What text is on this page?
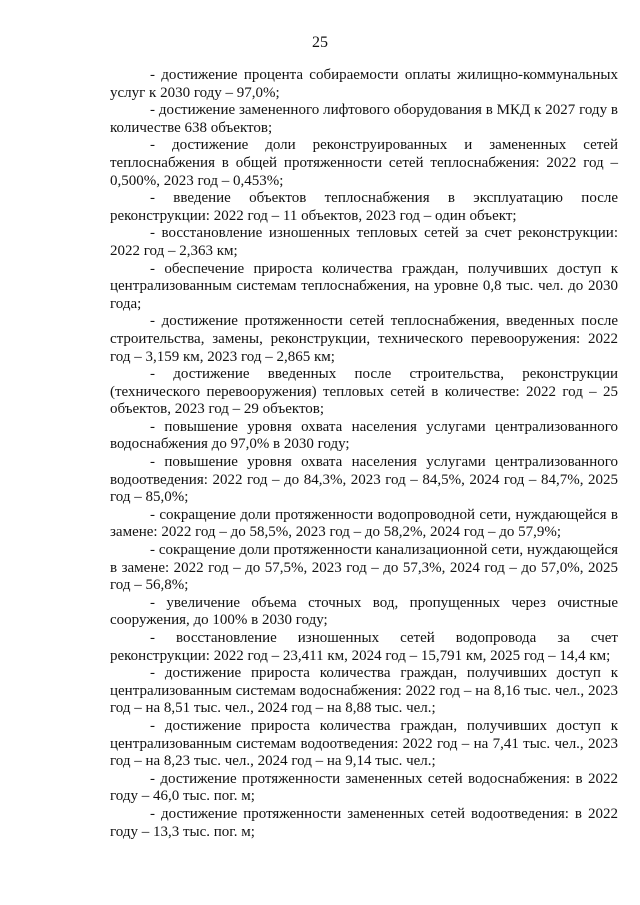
25

- достижение процента собираемости оплаты жилищно-коммунальных услуг к 2030 году – 97,0%;

- достижение замененного лифтового оборудования в МКД к 2027 году в количестве 638 объектов;

- достижение доли реконструированных и замененных сетей теплоснабжения в общей протяженности сетей теплоснабжения: 2022 год – 0,500%, 2023 год – 0,453%;

- введение объектов теплоснабжения в эксплуатацию после реконструкции: 2022 год – 11 объектов, 2023 год – один объект;

- восстановление изношенных тепловых сетей за счет реконструкции: 2022 год – 2,363 км;

- обеспечение прироста количества граждан, получивших доступ к централизованным системам теплоснабжения, на уровне 0,8 тыс. чел. до 2030 года;

- достижение протяженности сетей теплоснабжения, введенных после строительства, замены, реконструкции, технического перевооружения: 2022 год – 3,159 км, 2023 год – 2,865 км;

- достижение введенных после строительства, реконструкции (технического перевооружения) тепловых сетей в количестве: 2022 год – 25 объектов, 2023 год – 29 объектов;

- повышение уровня охвата населения услугами централизованного водоснабжения до 97,0% в 2030 году;

- повышение уровня охвата населения услугами централизованного водоотведения: 2022 год – до 84,3%, 2023 год – 84,5%, 2024 год – 84,7%, 2025 год – 85,0%;

- сокращение доли протяженности водопроводной сети, нуждающейся в замене: 2022 год – до 58,5%, 2023 год – до 58,2%, 2024 год – до 57,9%;

- сокращение доли протяженности канализационной сети, нуждающейся в замене: 2022 год – до 57,5%, 2023 год – до 57,3%, 2024 год – до 57,0%, 2025 год – 56,8%;

- увеличение объема сточных вод, пропущенных через очистные сооружения, до 100% в 2030 году;

- восстановление изношенных сетей водопровода за счет реконструкции: 2022 год – 23,411 км, 2024 год – 15,791 км, 2025 год – 14,4 км;

- достижение прироста количества граждан, получивших доступ к централизованным системам водоснабжения: 2022 год – на 8,16 тыс. чел., 2023 год – на 8,51 тыс. чел., 2024 год – на 8,88 тыс. чел.;

- достижение прироста количества граждан, получивших доступ к централизованным системам водоотведения: 2022 год – на 7,41 тыс. чел., 2023 год – на 8,23 тыс. чел., 2024 год – на 9,14 тыс. чел.;

- достижение протяженности замененных сетей водоснабжения: в 2022 году – 46,0 тыс. пог. м;

- достижение протяженности замененных сетей водоотведения: в 2022 году – 13,3 тыс. пог. м;
